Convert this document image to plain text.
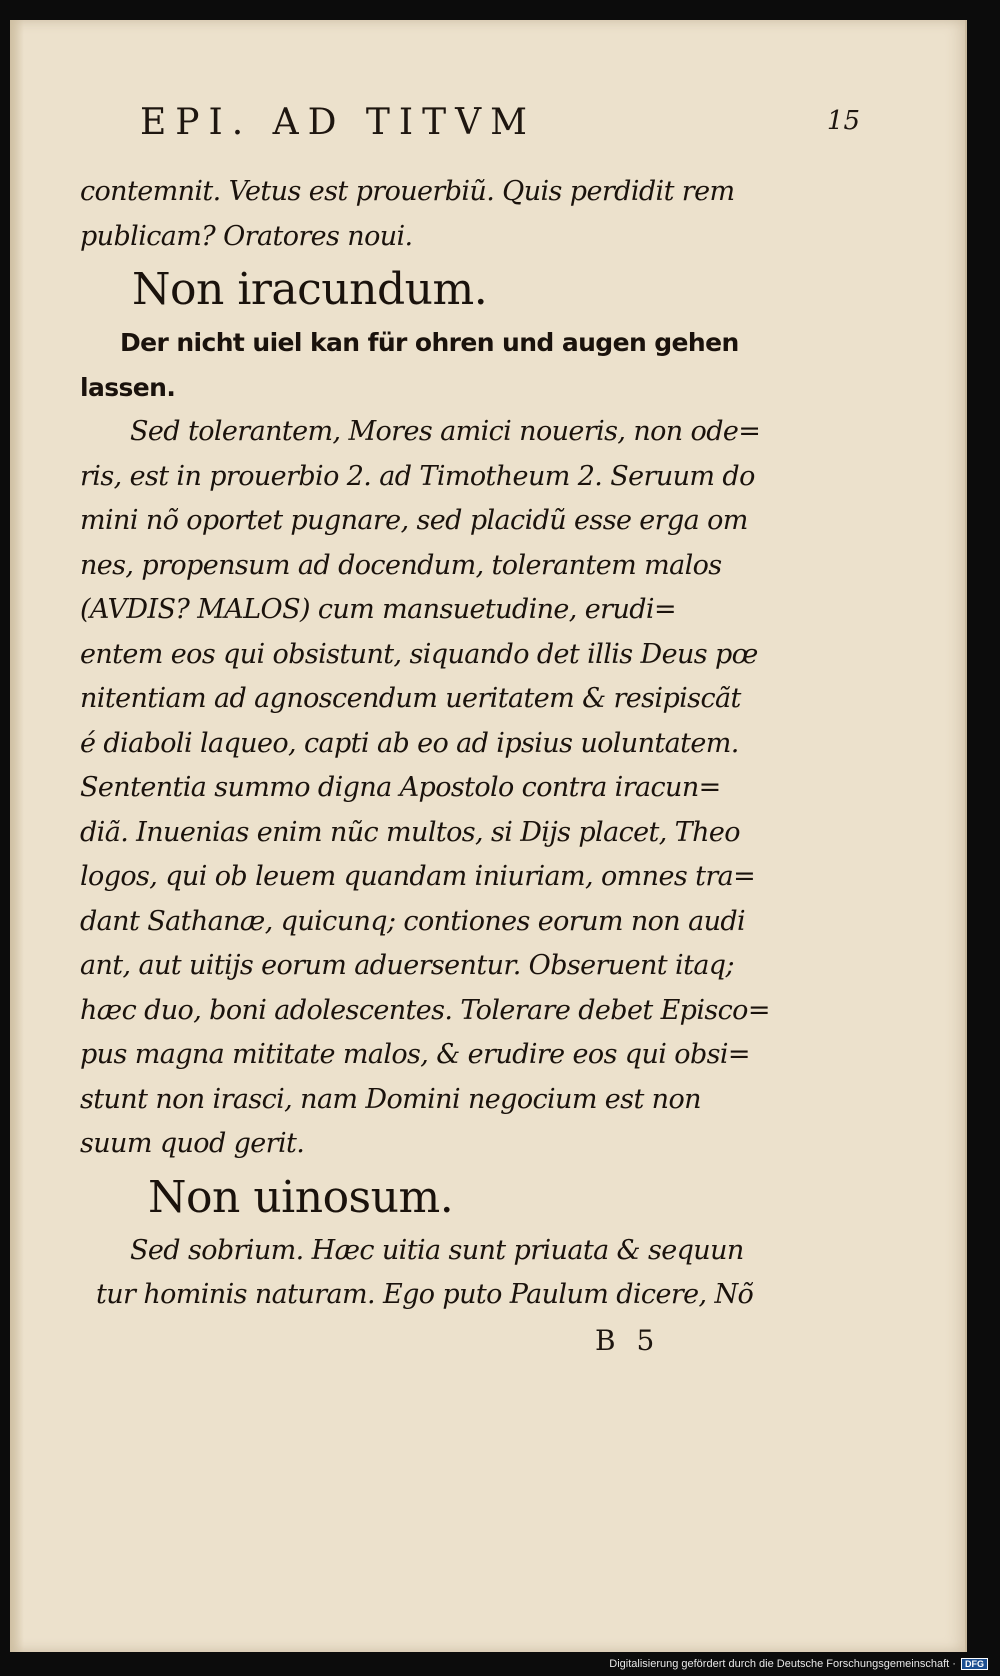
EPI. AD TITVM	15
contemnit. Vetus est prouerbiũ. Quis perdidit rem
publicam? Oratores noui.
Non iracundum.
Der nicht uiel kan für ohren und augen gehen
lassen.
Sed tolerantem, Mores amici noueris, non ode=
ris, est in prouerbio 2. ad Timotheum 2. Seruum do
mini nõ oportet pugnare, sed placidũ esse erga om
nes, propensum ad docendum, tolerantem malos
(AVDIS? MALOS) cum mansuetudine, erudi=
entem eos qui obsistunt, siquando det illis Deus pœ
nitentiam ad agnoscendum ueritatem & resipiscãt
é diaboli laqueo, capti ab eo ad ipsius uoluntatem.
Sententia summo digna Apostolo contra iracun=
diã. Inuenias enim nũc multos, si Dijs placet, Theo
logos, qui ob leuem quandam iniuriam, omnes tra=
dant Sathanæ, quicunq; contiones eorum non audi
ant, aut uitijs eorum aduersentur. Obseruent itaq;
hæc duo, boni adolescentes. Tolerare debet Episco=
pus magna mititate malos, & erudire eos qui obsi=
stunt non irasci, nam Domini negocium est non
suum quod gerit.
Non uinosum.
Sed sobrium. Hæc uitia sunt priuata & sequun
tur hominis naturam. Ego puto Paulum dicere, Nõ
B 5
Digitalisierung gefördert durch die Deutsche Forschungsgemeinschaft · DFG
